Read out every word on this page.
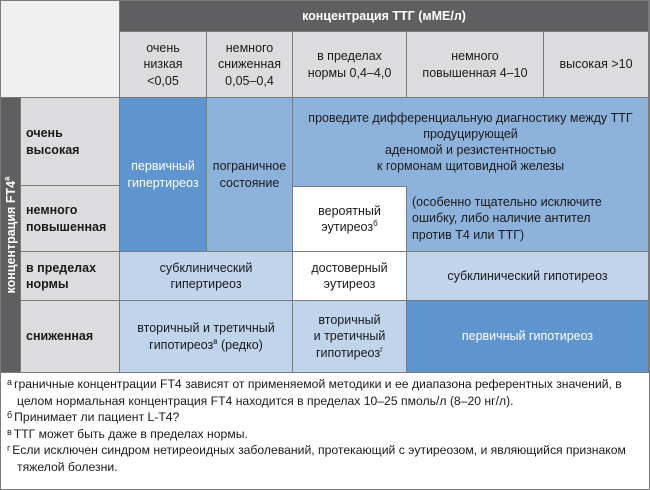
концентрация ТТГ (мМЕ/л)
очень
низкая
<0,05
немного
сниженная
0,05–0,4
в пределах
нормы 0,4–4,0
немного
повышенная 4–10
высокая >10
концентрация $FT4^а$
очень
высокая
немного
повышенная
в пределах
нормы
сниженная
первичный
гипертиреоз
пограничное
состояние
проведите дифференциальную диагностику между ТТГ
продуцирующей
аденомой и резистентностью
к гормонам щитовидной железы
вероятный
эутиреоз$^б$
(особенно тщательно исключите
ошибку, либо наличие антител
против Т4 или ТТГ)
субклинический
гипертиреоз
достоверный
эутиреоз
субклинический гипотиреоз
вторичный и третичный
гипотиреоз$^в$ (редко)
вторичный
и третичный
гипотиреоз$^г$
первичный гипотиреоз

$^а$ граничные концентрации FT4 зависят от применяемой методики и ее диапазона референтных значений, в целом нормальная концентрация FT4 находится в пределах 10–25 пмоль/л (8–20 нг/л).

$^б$ Принимает ли пациент L-T4?

$^в$ ТТГ может быть даже в пределах нормы.

$^г$ Если исключен синдром нетиреоидных заболеваний, протекающий с эутиреозом, и являющийся признаком тяжелой болезни.
